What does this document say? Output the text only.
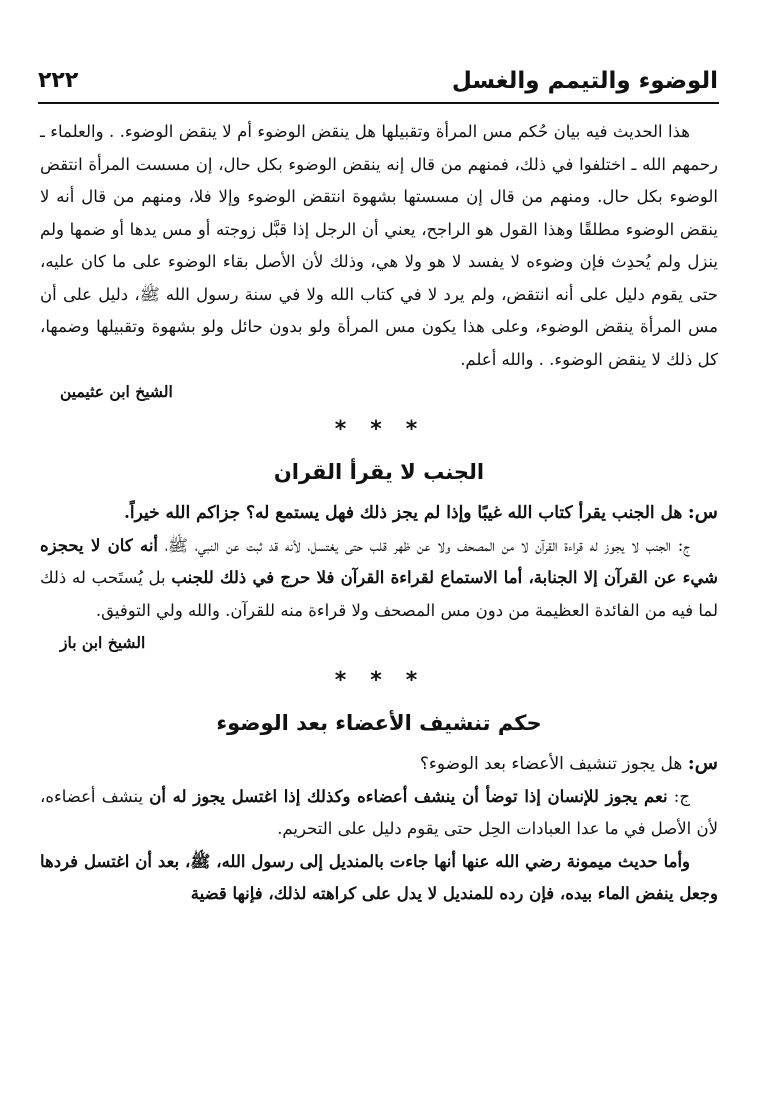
الوضوء والتيمم والغسل
٢٢٢

هذا الحديث فيه بيان حُكم مس المرأة وتقبيلها هل ينقض الوضوء أم لا ينقض الوضوء. . والعلماء ـ رحمهم الله ـ اختلفوا في ذلك، فمنهم من قال إنه ينقض الوضوء بكل حال، إن مسست المرأة انتقض الوضوء بكل حال. ومنهم من قال إن مسستها بشهوة انتقض الوضوء وإلا فلا، ومنهم من قال أنه لا ينقض الوضوء مطلقًا وهذا القول هو الراجح، يعني أن الرجل إذا قبَّل زوجته أو مس يدها أو ضمها ولم ينزل ولم يُحدِث فإن وضوءه لا يفسد لا هو ولا هي، وذلك لأن الأصل بقاء الوضوء على ما كان عليه، حتى يقوم دليل على أنه انتقض، ولم يرد لا في كتاب الله ولا في سنة رسول الله ﷺ، دليل على أن مس المرأة ينقض الوضوء، وعلى هذا يكون مس المرأة ولو بدون حائل ولو بشهوة وتقبيلها وضمها، كل ذلك لا ينقض الوضوء. . والله أعلم.

الشيخ ابن عثيمين

***
الجنب لا يقرأ القران

س: هل الجنب يقرأ كتاب الله غيبًا وإذا لم يجز ذلك فهل يستمع له؟ جزاكم الله خيراً.

ج: الجنب لا يجوز له قراءة القرآن لا من المصحف ولا عن ظهر قلب حتى يغتسل، لأنه قد ثبت عن النبي، ﷺ، أنه كان لا يحجزه شيء عن القرآن إلا الجنابة، أما الاستماع لقراءة القرآن فلا حرج في ذلك للجنب بل يُستَحب له ذلك لما فيه من الفائدة العظيمة من دون مس المصحف ولا قراءة منه للقرآن. والله ولي التوفيق.

الشيخ ابن باز

***
حكم تنشيف الأعضاء بعد الوضوء

س: هل يجوز تنشيف الأعضاء بعد الوضوء؟

ج: نعم يجوز للإنسان إذا توضأ أن ينشف أعضاءه وكذلك إذا اغتسل يجوز له أن ينشف أعضاءه، لأن الأصل في ما عدا العبادات الحِل حتى يقوم دليل على التحريم.

وأما حديث ميمونة رضي الله عنها أنها جاءت بالمنديل إلى رسول الله، ﷺ، بعد أن اغتسل فردها وجعل ينفض الماء بيده، فإن رده للمنديل لا يدل على كراهته لذلك، فإنها قضية
